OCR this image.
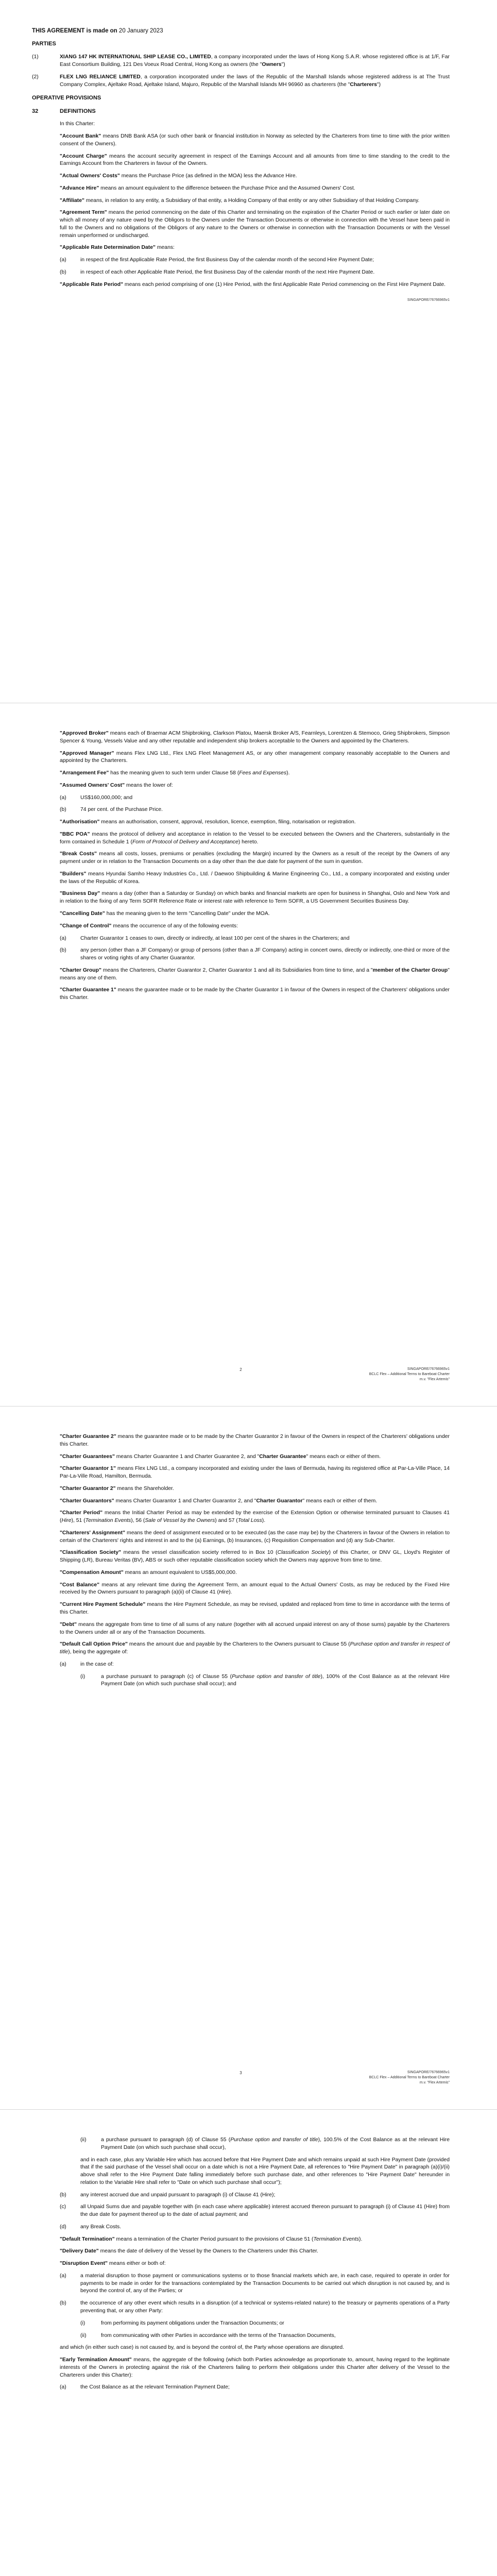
THIS AGREEMENT is made on 20 January 2023

PARTIES

(1)	XIANG 147 HK INTERNATIONAL SHIP LEASE CO., LIMITED, a company incorporated under the laws of Hong Kong S.A.R. whose registered office is at 1/F, Far East Consortium Building, 121 Des Voeux Road Central, Hong Kong as owners (the "Owners")
(2)	FLEX LNG RELIANCE LIMITED, a corporation incorporated under the laws of the Republic of the Marshall Islands whose registered address is at The Trust Company Complex, Ajeltake Road, Ajeltake Island, Majuro, Republic of the Marshall Islands MH 96960 as charterers (the "Charterers")

OPERATIVE PROVISIONS

32	DEFINITIONS

In this Charter:

"Account Bank" means DNB Bank ASA (or such other bank or financial institution in Norway as selected by the Charterers from time to time with the prior written consent of the Owners).

"Account Charge" means the account security agreement in respect of the Earnings Account and all amounts from time to time standing to the credit to the Earnings Account from the Charterers in favour of the Owners.

"Actual Owners' Costs" means the Purchase Price (as defined in the MOA) less the Advance Hire.

"Advance Hire" means an amount equivalent to the difference between the Purchase Price and the Assumed Owners' Cost.

"Affiliate" means, in relation to any entity, a Subsidiary of that entity, a Holding Company of that entity or any other Subsidiary of that Holding Company.

"Agreement Term" means the period commencing on the date of this Charter and terminating on the expiration of the Charter Period or such earlier or later date on which all money of any nature owed by the Obligors to the Owners under the Transaction Documents or otherwise in connection with the Vessel have been paid in full to the Owners and no obligations of the Obligors of any nature to the Owners or otherwise in connection with the Transaction Documents or with the Vessel remain unperformed or undischarged.

"Applicable Rate Determination Date" means:

(a)	in respect of the first Applicable Rate Period, the first Business Day of the calendar month of the second Hire Payment Date;
(b)	in respect of each other Applicable Rate Period, the first Business Day of the calendar month of the next Hire Payment Date.

"Applicable Rate Period" means each period comprising of one (1) Hire Period, with the first Applicable Rate Period commencing on the First Hire Payment Date.

SINGAPORE/76766965v1

"Approved Broker" means each of Braemar ACM Shipbroking, Clarkson Platou, Maersk Broker A/S, Fearnleys, Lorentzen & Stemoco, Grieg Shipbrokers, Simpson Spencer & Young, Vessels Value and any other reputable and independent ship brokers acceptable to the Owners and appointed by the Charterers.

"Approved Manager" means Flex LNG Ltd., Flex LNG Fleet Management AS, or any other management company reasonably acceptable to the Owners and appointed by the Charterers.

"Arrangement Fee" has the meaning given to such term under Clause 58 (Fees and Expenses).

"Assumed Owners' Cost" means the lower of:

(a)	US$160,000,000; and
(b)	74 per cent. of the Purchase Price.

"Authorisation" means an authorisation, consent, approval, resolution, licence, exemption, filing, notarisation or registration.

"BBC POA" means the protocol of delivery and acceptance in relation to the Vessel to be executed between the Owners and the Charterers, substantially in the form contained in Schedule 1 (Form of Protocol of Delivery and Acceptance) hereto.

"Break Costs" means all costs, losses, premiums or penalties (excluding the Margin) incurred by the Owners as a result of the receipt by the Owners of any payment under or in relation to the Transaction Documents on a day other than the due date for payment of the sum in question.

"Builders" means Hyundai Samho Heavy Industries Co., Ltd. / Daewoo Shipbuilding & Marine Engineering Co., Ltd., a company incorporated and existing under the laws of the Republic of Korea.

"Business Day" means a day (other than a Saturday or Sunday) on which banks and financial markets are open for business in Shanghai, Oslo and New York and in relation to the fixing of any Term SOFR Reference Rate or interest rate with reference to Term SOFR, a US Government Securities Business Day.

"Cancelling Date" has the meaning given to the term "Cancelling Date" under the MOA.

"Change of Control" means the occurrence of any of the following events:

(a)	Charter Guarantor 1 ceases to own, directly or indirectly, at least 100 per cent of the shares in the Charterers; and
(b)	any person (other than a JF Company) or group of persons (other than a JF Company) acting in concert owns, directly or indirectly, one-third or more of the shares or voting rights of any Charter Guarantor.

"Charter Group" means the Charterers, Charter Guarantor 2, Charter Guarantor 1 and all its Subsidiaries from time to time, and a "member of the Charter Group" means any one of them.

"Charter Guarantee 1" means the guarantee made or to be made by the Charter Guarantor 1 in favour of the Owners in respect of the Charterers' obligations under this Charter.

2	SINGAPORE/76766965v1
BCLC Flex – Additional Terms to Bareboat Charter
m.v. "Flex Artemis"

"Charter Guarantee 2" means the guarantee made or to be made by the Charter Guarantor 2 in favour of the Owners in respect of the Charterers' obligations under this Charter.

"Charter Guarantees" means Charter Guarantee 1 and Charter Guarantee 2, and "Charter Guarantee" means each or either of them.

"Charter Guarantor 1" means Flex LNG Ltd., a company incorporated and existing under the laws of Bermuda, having its registered office at Par-La-Ville Place, 14 Par-La-Ville Road, Hamilton, Bermuda.

"Charter Guarantor 2" means the Shareholder.

"Charter Guarantors" means Charter Guarantor 1 and Charter Guarantor 2, and "Charter Guarantor" means each or either of them.

"Charter Period" means the Initial Charter Period as may be extended by the exercise of the Extension Option or otherwise terminated pursuant to Clauses 41 (Hire), 51 (Termination Events), 56 (Sale of Vessel by the Owners) and 57 (Total Loss).

"Charterers' Assignment" means the deed of assignment executed or to be executed (as the case may be) by the Charterers in favour of the Owners in relation to certain of the Charterers' rights and interest in and to the (a) Earnings, (b) Insurances, (c) Requisition Compensation and (d) any Sub-Charter.

"Classification Society" means the vessel classification society referred to in Box 10 (Classification Society) of this Charter, or DNV GL, Lloyd's Register of Shipping (LR), Bureau Veritas (BV), ABS or such other reputable classification society which the Owners may approve from time to time.

"Compensation Amount" means an amount equivalent to US$5,000,000.

"Cost Balance" means at any relevant time during the Agreement Term, an amount equal to the Actual Owners' Costs, as may be reduced by the Fixed Hire received by the Owners pursuant to paragraph (a)(ii) of Clause 41 (Hire).

"Current Hire Payment Schedule" means the Hire Payment Schedule, as may be revised, updated and replaced from time to time in accordance with the terms of this Charter.

"Debt" means the aggregate from time to time of all sums of any nature (together with all accrued unpaid interest on any of those sums) payable by the Charterers to the Owners under all or any of the Transaction Documents.

"Default Call Option Price" means the amount due and payable by the Charterers to the Owners pursuant to Clause 55 (Purchase option and transfer in respect of title), being the aggregate of:

(a)	in the case of:
(i)	a purchase pursuant to paragraph (c) of Clause 55 (Purchase option and transfer of title), 100% of the Cost Balance as at the relevant Hire Payment Date (on which such purchase shall occur); and
3	SINGAPORE/76766965v1
BCLC Flex – Additional Terms to Bareboat Charter
m.v. "Flex Artemis"
(ii)	a purchase pursuant to paragraph (d) of Clause 55 (Purchase option and transfer of title), 100.5% of the Cost Balance as at the relevant Hire Payment Date (on which such purchase shall occur),

and in each case, plus any Variable Hire which has accrued before that Hire Payment Date and which remains unpaid at such Hire Payment Date (provided that if the said purchase of the Vessel shall occur on a date which is not a Hire Payment Date, all references to "Hire Payment Date" in paragraph (a)(i)/(ii) above shall refer to the Hire Payment Date falling immediately before such purchase date, and other references to "Hire Payment Date" hereunder in relation to the Variable Hire shall refer to "Date on which such purchase shall occur");

(b)	any interest accrued due and unpaid pursuant to paragraph (i) of Clause 41 (Hire);
(c)	all Unpaid Sums due and payable together with (in each case where applicable) interest accrued thereon pursuant to paragraph (i) of Clause 41 (Hire) from the due date for payment thereof up to the date of actual payment; and
(d)	any Break Costs.

"Default Termination" means a termination of the Charter Period pursuant to the provisions of Clause 51 (Termination Events).

"Delivery Date" means the date of delivery of the Vessel by the Owners to the Charterers under this Charter.

"Disruption Event" means either or both of:

(a)	a material disruption to those payment or communications systems or to those financial markets which are, in each case, required to operate in order for payments to be made in order for the transactions contemplated by the Transaction Documents to be carried out which disruption is not caused by, and is beyond the control of, any of the Parties; or
(b)	the occurrence of any other event which results in a disruption (of a technical or systems-related nature) to the treasury or payments operations of a Party preventing that, or any other Party:
(i)	from performing its payment obligations under the Transaction Documents; or
(ii)	from communicating with other Parties in accordance with the terms of the Transaction Documents,

and which (in either such case) is not caused by, and is beyond the control of, the Party whose operations are disrupted.

"Early Termination Amount" means, the aggregate of the following (which both Parties acknowledge as proportionate to, amount, having regard to the legitimate interests of the Owners in protecting against the risk of the Charterers failing to perform their obligations under this Charter after delivery of the Vessel to the Charterers under this Charter):

(a)	the Cost Balance as at the relevant Termination Payment Date;
